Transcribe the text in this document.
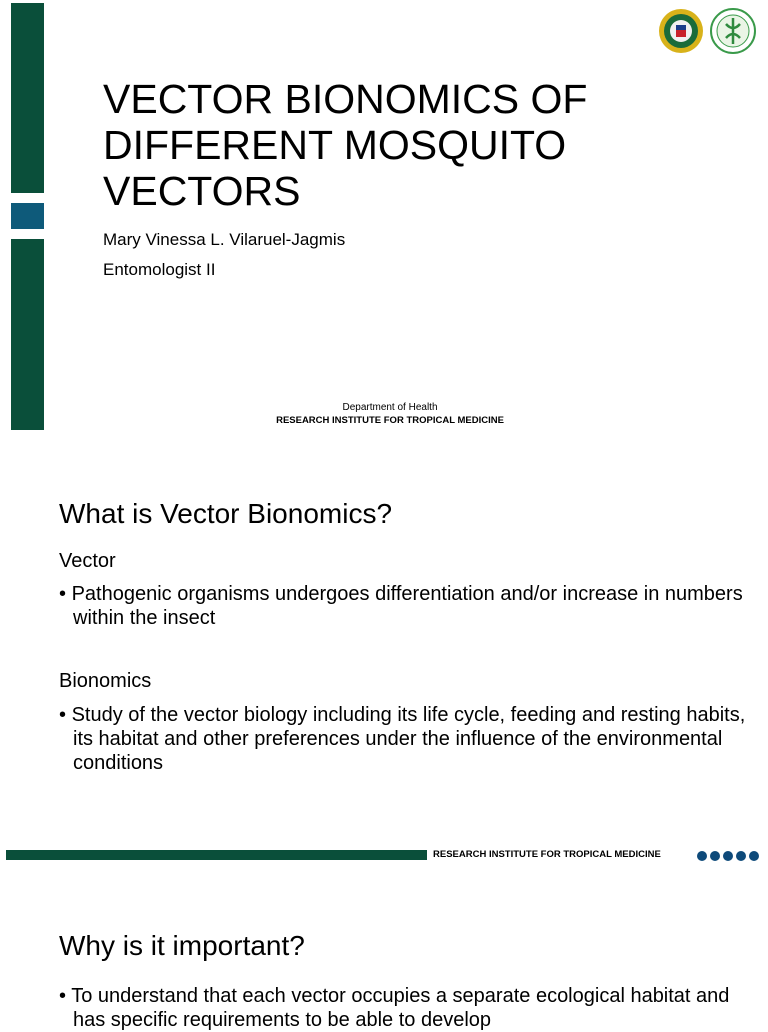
VECTOR BIONOMICS OF DIFFERENT MOSQUITO VECTORS
Mary Vinessa L. Vilaruel-Jagmis
Entomologist II
Department of Health
RESEARCH INSTITUTE FOR TROPICAL MEDICINE
What is Vector Bionomics?
Vector
• Pathogenic organisms undergoes differentiation and/or increase in numbers within the insect
Bionomics
• Study of the vector biology including its life cycle, feeding and resting habits, its habitat and other preferences under the influence of the environmental conditions
RESEARCH INSTITUTE FOR TROPICAL MEDICINE
Why is it important?
• To understand that each vector occupies a separate ecological habitat and has specific requirements to be able to develop
